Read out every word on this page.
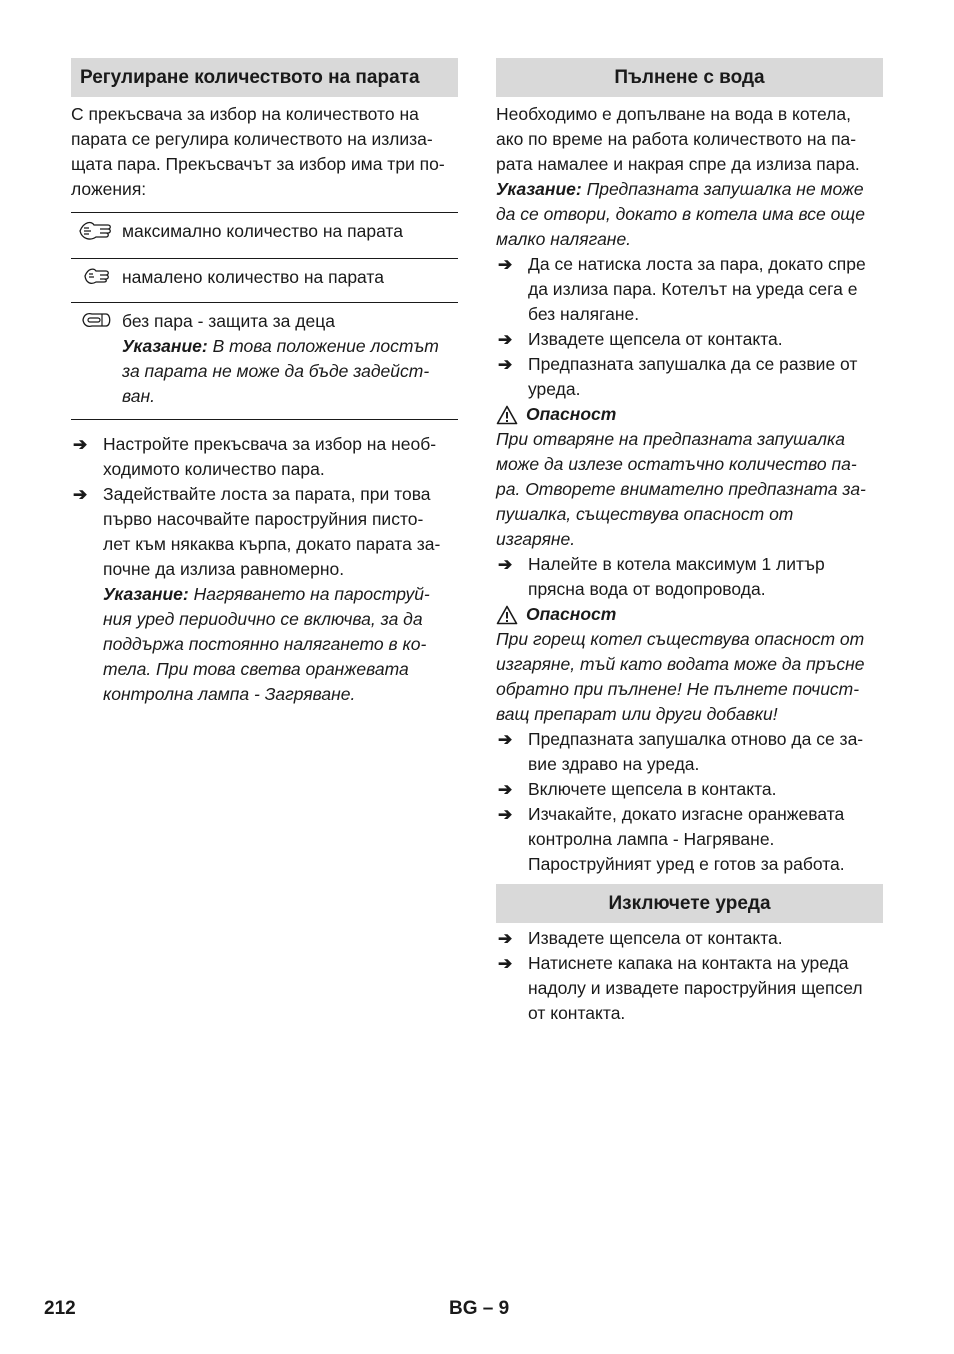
Регулиране количеството на парата
С прекъсвача за избор на количеството на
парата се регулира количеството на излиза-
щата пара. Прекъсвачът за избор има три по-
ложения:
	максимално количество на парата
	намалено количество на парата

без пара - защита за деца
Указание: В това положение лостът
за парата не може да бъде задейст-
ван.
➔ Настройте прекъсвача за избор на необ-
ходимото количество пара.
➔ Задействайте лоста за парата, при това
първо насочвайте пароструйния писто-
лет към някаква кърпа, докато парата за-
почне да излиза равномерно.
Указание: Нагряването на пароструй-
ния уред периодично се включва, за да
поддържа постоянно налягането в ко-
тела. При това светва оранжевата
контролна лампа - Загряване.
Пълнене с вода
Необходимо е допълване на вода в котела,
ако по време на работа количеството на па-
рата намалее и накрая спре да излиза пара.
Указание: Предпазната запушалка не може
да се отвори, докато в котела има все още
малко налягане.
➔ Да се натиска лоста за пара, докато спре
да излиза пара. Котелът на уреда сега е
без налягане.
➔ Извадете щепсела от контакта.
➔ Предпазната запушалка да се развие от
уреда.
Опасност
При отваряне на предпазната запушалка
може да излезе остатъчно количество па-
ра. Отворете внимателно предпазната за-
пушалка, съществува опасност от
изгаряне.
➔ Налейте в котела максимум 1 литър
прясна вода от водопровода.
Опасност
При горещ котел съществува опасност от
изгаряне, тъй като водата може да пръсне
обратно при пълнене! Не пълнете почист-
ващ препарат или други добавки!
➔ Предпазната запушалка отново да се за-
вие здраво на уреда.
➔ Включете щепсела в контакта.
➔ Изчакайте, докато изгасне оранжевата
контролна лампа - Нагряване.
Пароструйният уред е готов за работа.
Изключете уреда
➔ Извадете щепсела от контакта.
➔ Натиснете капака на контакта на уреда
надолу и извадете пароструйния щепсел
от контакта.
212	BG – 9
